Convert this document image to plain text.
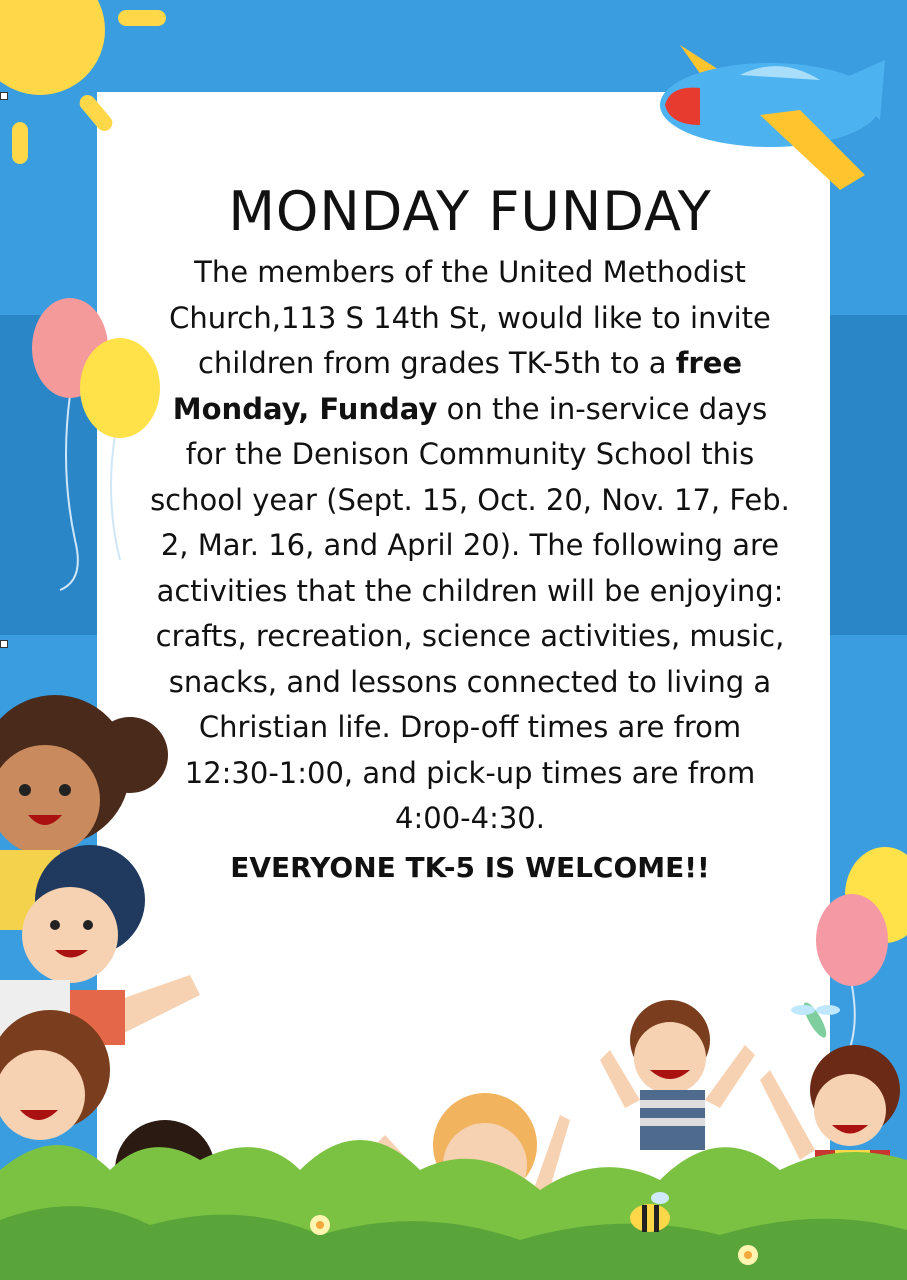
MONDAY FUNDAY

The members of the United Methodist Church,113 S 14th St, would like to invite children from grades TK-5th to a free Monday, Funday on the in-service days for the Denison Community School this school year (Sept. 15, Oct. 20, Nov. 17, Feb. 2, Mar. 16, and April 20). The following are activities that the children will be enjoying: crafts, recreation, science activities, music, snacks, and lessons connected to living a Christian life. Drop-off times are from 12:30-1:00, and pick-up times are from 4:00-4:30.

EVERYONE TK-5 IS WELCOME!!
